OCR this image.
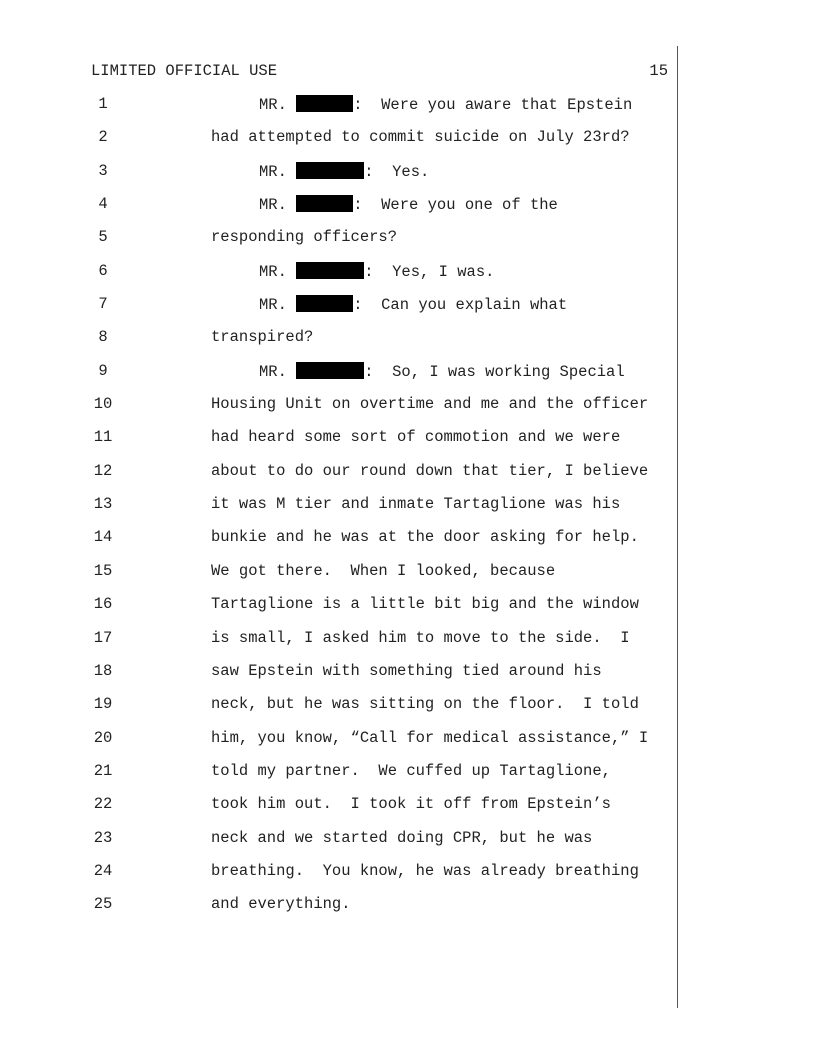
LIMITED OFFICIAL USE	15
1	MR.	:  Were you aware that Epstein
2	had attempted to commit suicide on July 23rd?
3	MR.	:  Yes.
4	MR.	:  Were you one of the
5	responding officers?
6	MR.	:  Yes, I was.
7	MR.	:  Can you explain what
8	transpired?
9	MR.	:  So, I was working Special
10	Housing Unit on overtime and me and the officer
11	had heard some sort of commotion and we were
12	about to do our round down that tier, I believe
13	it was M tier and inmate Tartaglione was his
14	bunkie and he was at the door asking for help.
15	We got there.  When I looked, because
16	Tartaglione is a little bit big and the window
17	is small, I asked him to move to the side.  I
18	saw Epstein with something tied around his
19	neck, but he was sitting on the floor.  I told
20	him, you know, “Call for medical assistance,” I
21	told my partner.  We cuffed up Tartaglione,
22	took him out.  I took it off from Epstein’s
23	neck and we started doing CPR, but he was
24	breathing.  You know, he was already breathing
25	and everything.
